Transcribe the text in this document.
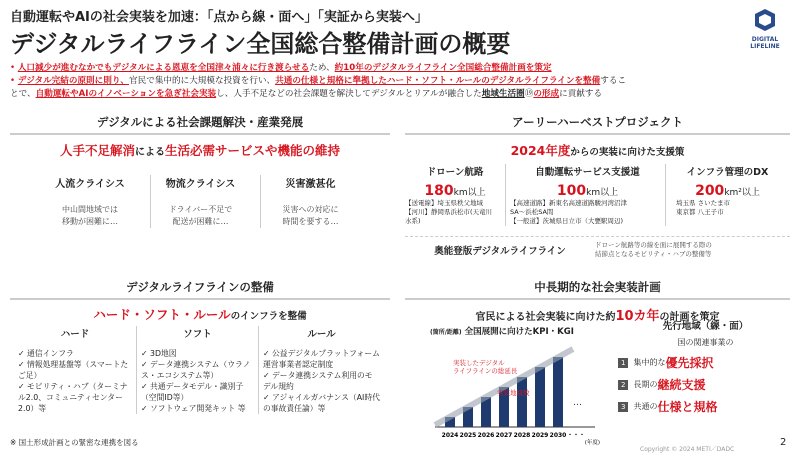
自動運転やAIの社会実装を加速：「点から線・面へ」「実証から実装へ」
デジタルライフライン全国総合整備計画の概要	DIGITAL
LIFELINE
• 人口減少が進むなかでもデジタルによる恩恵を全国津々浦々に行き渡らせるため、約10年のデジタルライフライン全国総合整備計画を策定
• デジタル完結の原則に則り、官民で集中的に大規模な投資を行い、共通の仕様と規格に準拠したハード・ソフト・ルールのデジタルライフラインを整備するこ
とで、自動運転やAIのイノベーションを急ぎ社会実装し、人手不足などの社会課題を解決してデジタルとリアルが融合した地域生活圏⑲の形成に貢献する
デジタルによる社会課題解決・産業発展
人手不足解消による生活必需サービスや機能の維持
人流クライシス
中山間地域では
移動が困難に…
物流クライシス
ドライバー不足で
配送が困難に…
災害激甚化
災害への対応に
時間を要する…
アーリーハーベストプロジェクト
2024年度からの実装に向けた支援策
ドローン航路
180km以上
【送電線】埼玉県秩父地域
【河川】静岡県浜松市(天竜川
水系)
自動運転サービス支援道
100km以上
【高速道路】新東名高速道路駿河湾沼津
SA〜浜松SA間
【一般道】茨城県日立市（大甕駅周辺)
インフラ管理のDX
200km²以上
埼玉県 さいたま市
東京都 八王子市
奥能登版デジタルライフライン
ドローン航路等の線を面に展開する際の
結節点となるモビリティ・ハブの整備等
デジタルライフラインの整備
ハード・ソフト・ルールのインフラを整備
ハード
✓ 通信インフラ
✓ 情報処理基盤等（スマートたご足）
✓ モビリティ・ハブ（ターミナル2.0、コミュニティセンター2.0）等
ソフト
✓ 3D地図
✓ データ連携システム（ウラノス・エコシステム等）
✓ 共通データモデル・識別子（空間ID等）
✓ ソフトウェア開発キット 等
ルール
✓ 公益デジタルプラットフォーム運営事業者認定制度
✓ データ連携システム利用のモデル規約
✓ アジャイルガバナンス（AI時代の事故責任論）等
※ 国土形成計画との緊密な連携を図る
中長期的な社会実装計画
官民による社会実装に向けた約10カ年の計画を策定
(箇所/距離) 全国展開に向けたKPI・KGI
実装したデジタル
ライフラインの総延長
実装地域数
…
2024 2025 2026 2027 2028 2029 2030 ・・・
(年度)
先行地域（線・面）
国の関連事業の
1	集中的な 優先採択
2	長期の 継続支援
3	共通の 仕様と規格
Copyright © 2024 METI／DADC
2
